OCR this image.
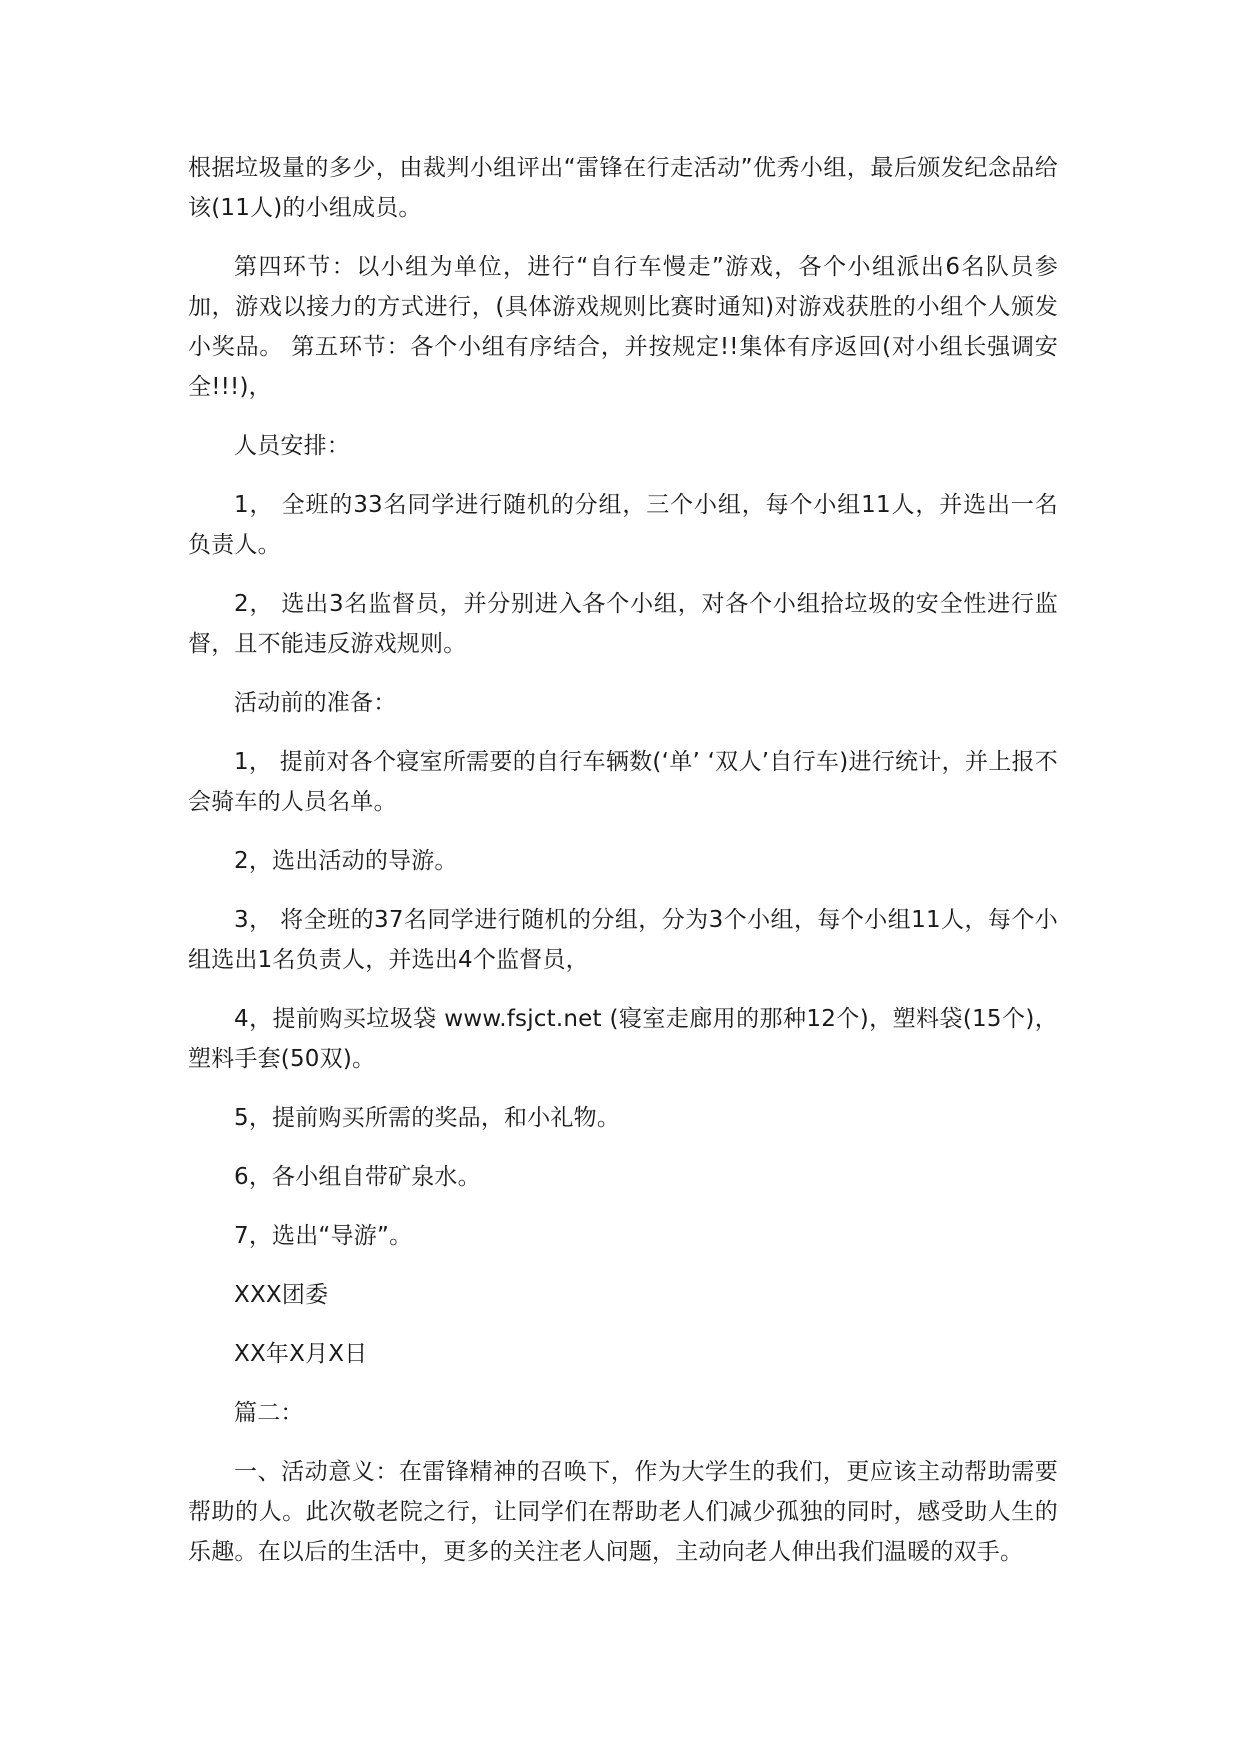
根据垃圾量的多少，由裁判小组评出“雷锋在行走活动”优秀小组，最后颁发纪念品给该(11人)的小组成员。

第四环节：以小组为单位，进行“自行车慢走”游戏，各个小组派出6名队员参加，游戏以接力的方式进行，(具体游戏规则比赛时通知)对游戏获胜的小组个人颁发小奖品。 第五环节：各个小组有序结合，并按规定!!集体有序返回(对小组长强调安全!!!)，

人员安排：

1， 全班的33名同学进行随机的分组，三个小组，每个小组11人，并选出一名负责人。

2， 选出3名监督员，并分别进入各个小组，对各个小组拾垃圾的安全性进行监督，且不能违反游戏规则。

活动前的准备：

1， 提前对各个寝室所需要的自行车辆数(‘单’ ‘双人’自行车)进行统计，并上报不会骑车的人员名单。

2，选出活动的导游。

3， 将全班的37名同学进行随机的分组，分为3个小组，每个小组11人，每个小组选出1名负责人，并选出4个监督员，

4，提前购买垃圾袋 www.fsjct.net (寝室走廊用的那种12个)，塑料袋(15个)，塑料手套(50双)。

5，提前购买所需的奖品，和小礼物。

6，各小组自带矿泉水。

7，选出“导游”。

XXX团委

XX年X月X日

篇二：

一、活动意义：在雷锋精神的召唤下，作为大学生的我们，更应该主动帮助需要帮助的人。此次敬老院之行，让同学们在帮助老人们减少孤独的同时，感受助人生的乐趣。在以后的生活中，更多的关注老人问题，主动向老人伸出我们温暖的双手。
